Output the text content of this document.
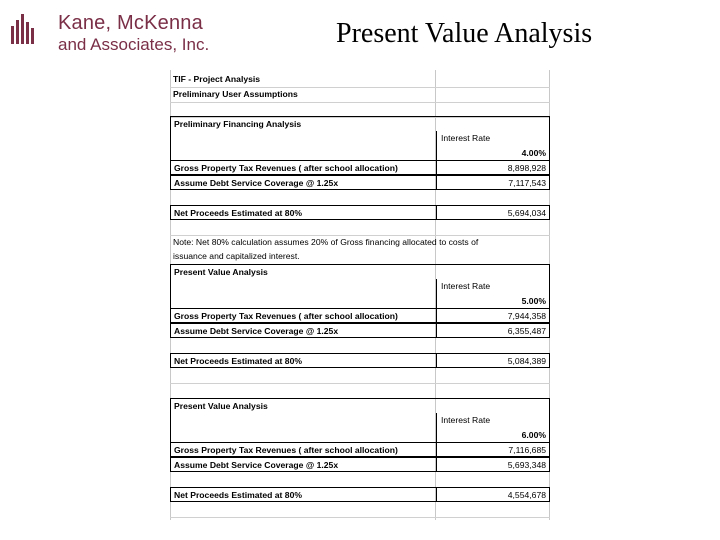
Kane, McKenna
and Associates, Inc.	Present Value Analysis
TIF - Project Analysis
Preliminary User Assumptions
Preliminary Financing Analysis
Interest Rate
4.00%
Gross Property Tax Revenues ( after school allocation)	8,898,928
Assume Debt Service Coverage @ 1.25x	7,117,543
Net Proceeds Estimated at 80%	5,694,034
Note: Net 80% calculation assumes 20% of Gross financing allocated to costs of
issuance and capitalized interest.
Present Value Analysis
Interest Rate
5.00%
Gross Property Tax Revenues ( after school allocation)	7,944,358
Assume Debt Service Coverage @ 1.25x	6,355,487
Net Proceeds Estimated at 80%	5,084,389
Present Value Analysis
Interest Rate
6.00%
Gross Property Tax Revenues ( after school allocation)	7,116,685
Assume Debt Service Coverage @ 1.25x	5,693,348
Net Proceeds Estimated at 80%	4,554,678
